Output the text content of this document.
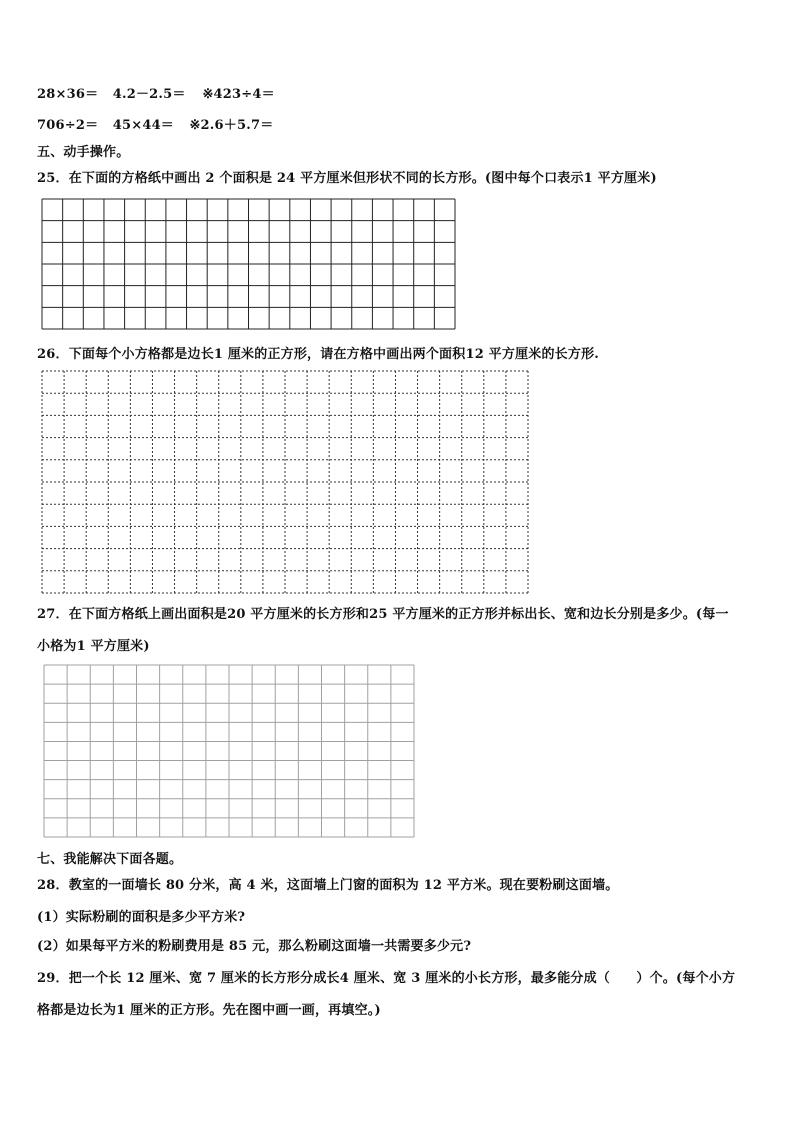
28×36＝ 4.2－2.5＝ ※423÷4＝
706÷2＝ 45×44＝ ※2.6＋5.7＝
五、动手操作。
25．在下面的方格纸中画出 2 个面积是 24 平方厘米但形状不同的长方形。(图中每个口表示1 平方厘米)
26．下面每个小方格都是边长1 厘米的正方形，请在方格中画出两个面积12 平方厘米的长方形.
27．在下面方格纸上画出面积是20 平方厘米的长方形和25 平方厘米的正方形并标出长、宽和边长分别是多少。(每一
小格为1 平方厘米)
七、我能解决下面各题。
28．教室的一面墙长 80 分米，高 4 米，这面墙上门窗的面积为 12 平方米。现在要粉刷这面墙。
(1）实际粉刷的面积是多少平方米?
(2）如果每平方米的粉刷费用是 85 元，那么粉刷这面墙一共需要多少元?
29．把一个长 12 厘米、宽 7 厘米的长方形分成长4 厘米、宽 3 厘米的小长方形，最多能分成（　　）个。(每个小方
格都是边长为1 厘米的正方形。先在图中画一画，再填空。)
